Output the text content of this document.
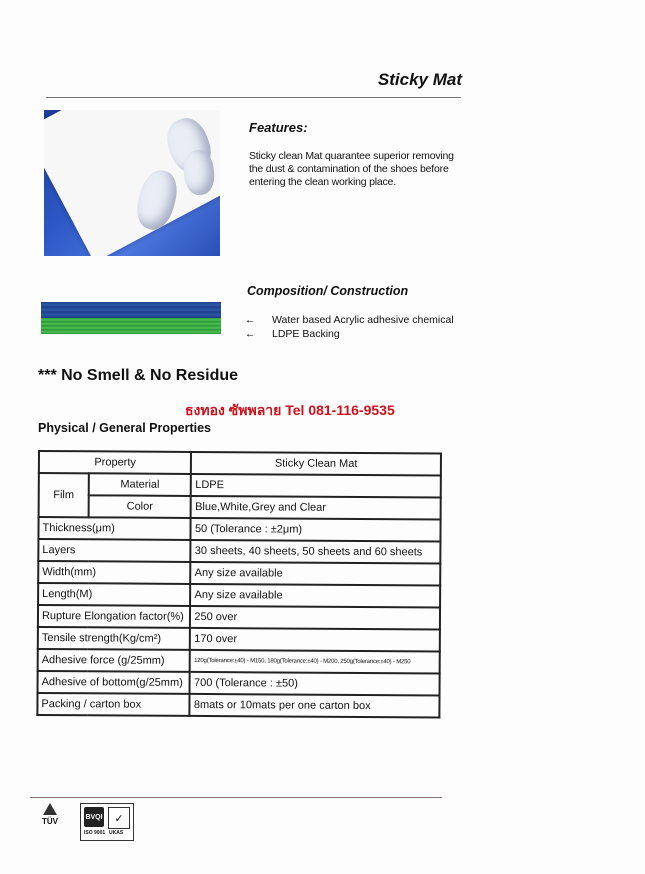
Sticky Mat
Features:
Sticky clean Mat quarantee superior removing the dust & contamination of the shoes before entering the clean working place.
Composition/ Construction
← Water based Acrylic adhesive chemical
← LDPE Backing
*** No Smell & No Residue
ธงทอง ซัพพลาย Tel 081-116-9535
Physical / General Properties
Property		Sticky Clean Mat
Film	Material	LDPE
	Color	Blue,White,Grey and Clear
Thickness(μm)		50 (Tolerance : ±2μm)
Layers		30 sheets, 40 sheets, 50 sheets and 60 sheets
Width(mm)		Any size available
Length(M)		Any size available
Rupture Elongation factor(%)		250 over
Tensile strength(Kg/cm²)		170 over
Adhesive force (g/25mm)		120g(Tolerance:±40) - M150, 180g(Tolerance:±40) - M200, 250g(Tolerance:±40) - M250
Adhesive of bottom(g/25mm)		700 (Tolerance : ±50)
Packing / carton box		8mats or 10mats per one carton box
TÜV	BVQI	✓
ISO 9001 UKAS
